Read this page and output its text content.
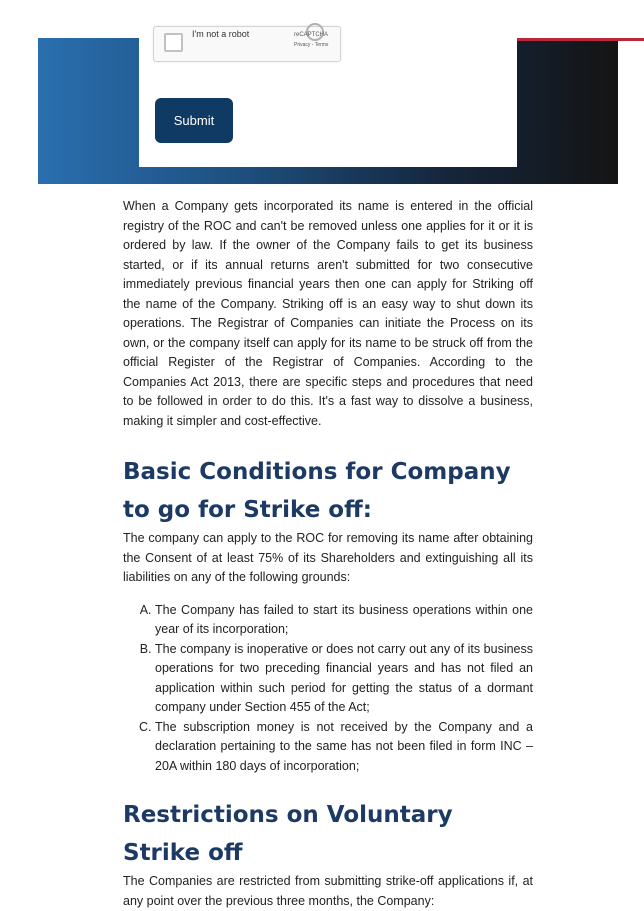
I'm not a robot	reCAPTCHA
Privacy - Terms
Submit

When a Company gets incorporated its name is entered in the official registry of the ROC and can't be removed unless one applies for it or it is ordered by law. If the owner of the Company fails to get its business started, or if its annual returns aren't submitted for two consecutive immediately previous financial years then one can apply for Striking off the name of the Company. Striking off is an easy way to shut down its operations. The Registrar of Companies can initiate the Process on its own, or the company itself can apply for its name to be struck off from the official Register of the Registrar of Companies. According to the Companies Act 2013, there are specific steps and procedures that need to be followed in order to do this. It's a fast way to dissolve a business, making it simpler and cost-effective.

Basic Conditions for Company to go for Strike off:

The company can apply to the ROC for removing its name after obtaining the Consent of at least 75% of its Shareholders and extinguishing all its liabilities on any of the following grounds:

A. The Company has failed to start its business operations within one year of its incorporation;
B. The company is inoperative or does not carry out any of its business operations for two preceding financial years and has not filed an application within such period for getting the status of a dormant company under Section 455 of the Act;
C. The subscription money is not received by the Company and a declaration pertaining to the same has not been filed in form INC – 20A within 180 days of incorporation;
Restrictions on Voluntary Strike off

The Companies are restricted from submitting strike-off applications if, at any point over the previous three months, the Company:
